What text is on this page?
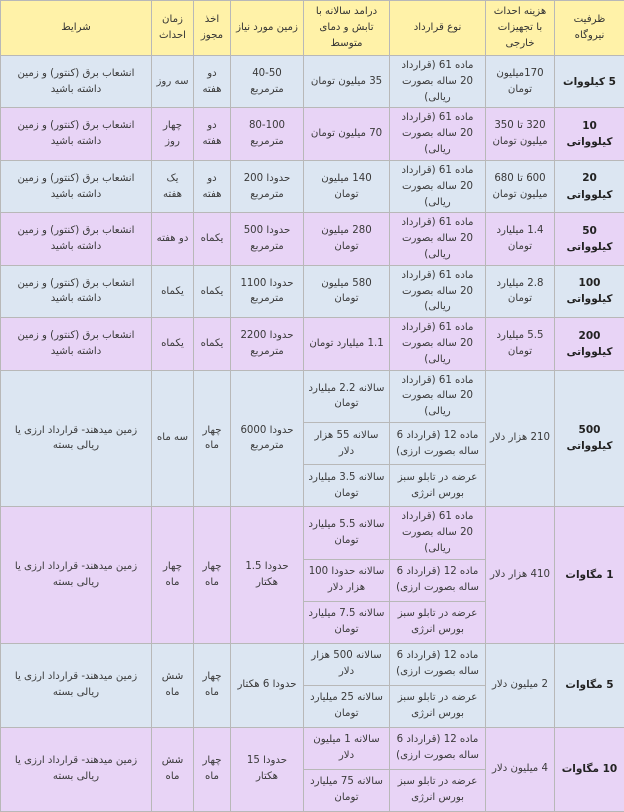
ظرفیت نیروگاه	هزینه احداث با تجهیزات خارجی	نوع قرارداد	درامد سالانه با تابش و دمای متوسط	زمین مورد نیاز	اخذ مجوز	زمان احداث	شرایط
5 کیلووات	170میلیون تومان	ماده 61 (قرارداد 20 ساله بصورت ریالی)	35 میلیون تومان	40-50 مترمربع	دو هفته	سه روز	انشعاب برق (کنتور) و زمین داشته باشید
10 کیلوواتی	320 تا 350 میلیون تومان	ماده 61 (قرارداد 20 ساله بصورت ریالی)	70 میلیون تومان	80-100 مترمربع	دو هفته	چهار روز	انشعاب برق (کنتور) و زمین داشته باشید
20 کیلوواتی	600 تا 680 میلیون تومان	ماده 61 (قرارداد 20 ساله بصورت ریالی)	140 میلیون تومان	حدودا 200 مترمربع	دو هفته	یک هفته	انشعاب برق (کنتور) و زمین داشته باشید
50 کیلوواتی	1.4 میلیارد تومان	ماده 61 (قرارداد 20 ساله بصورت ریالی)	280 میلیون تومان	حدودا 500 مترمربع	یکماه	دو هفته	انشعاب برق (کنتور) و زمین داشته باشید
100 کیلوواتی	2.8 میلیارد تومان	ماده 61 (قرارداد 20 ساله بصورت ریالی)	580 میلیون تومان	حدودا 1100 مترمربع	یکماه	یکماه	انشعاب برق (کنتور) و زمین داشته باشید
200 کیلوواتی	5.5 میلیارد تومان	ماده 61 (قرارداد 20 ساله بصورت ریالی)	1.1 میلیارد تومان	حدودا 2200 مترمربع	یکماه	یکماه	انشعاب برق (کنتور) و زمین داشته باشید
500 کیلوواتی	210 هزار دلار	ماده 61 (قرارداد 20 ساله بصورت ریالی)	سالانه 2.2 میلیارد تومان	حدودا 6000 مترمربع	چهار ماه	سه ماه	زمین میدهند- قرارداد ارزی یا ریالی بسته
		ماده 12 (قرارداد 6 ساله بصورت ارزی)	سالانه 55 هزار دلار				
		عرضه در تابلو سبز بورس انرژی	سالانه 3.5 میلیارد تومان				
1 مگاوات	410 هزار دلار	ماده 61 (قرارداد 20 ساله بصورت ریالی)	سالانه 5.5 میلیارد تومان	حدودا 1.5 هکتار	چهار ماه	چهار ماه	زمین میدهند- قرارداد ارزی یا ریالی بسته
		ماده 12 (قرارداد 6 ساله بصورت ارزی)	سالانه حدودا 100 هزار دلار				
		عرضه در تابلو سبز بورس انرژی	سالانه 7.5 میلیارد تومان				
5 مگاوات	2 میلیون دلار	ماده 12 (قرارداد 6 ساله بصورت ارزی)	سالانه 500 هزار دلار	حدودا 6 هکتار	چهار ماه	شش ماه	زمین میدهند- قرارداد ارزی یا ریالی بسته
		عرضه در تابلو سبز بورس انرژی	سالانه 25 میلیارد تومان				
10 مگاوات	4 میلیون دلار	ماده 12 (قرارداد 6 ساله بصورت ارزی)	سالانه 1 میلیون دلار	حدودا 15 هکتار	چهار ماه	شش ماه	زمین میدهند- قرارداد ارزی یا ریالی بسته
		عرضه در تابلو سبز بورس انرژی	سالانه 75 میلیارد تومان				
